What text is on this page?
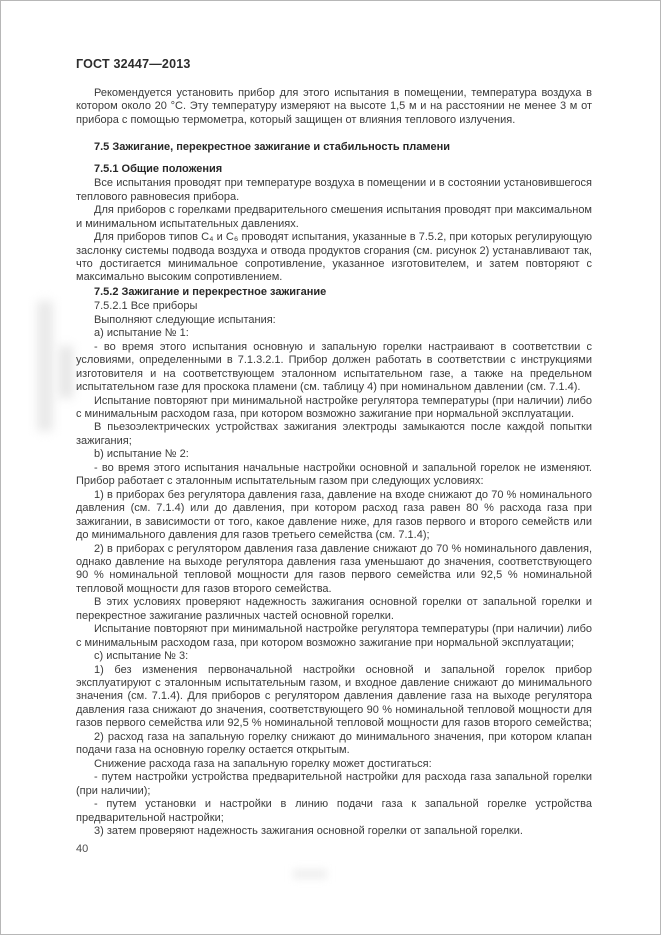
ГОСТ 32447—2013

Рекомендуется установить прибор для этого испытания в помещении, температура воздуха в котором около 20 °С. Эту температуру измеряют на высоте 1,5 м и на расстоянии не менее 3 м от прибора с помощью термометра, который защищен от влияния теплового излучения.

7.5 Зажигание, перекрестное зажигание и стабильность пламени

7.5.1 Общие положения

Все испытания проводят при температуре воздуха в помещении и в состоянии установившегося теплового равновесия прибора.

Для приборов с горелками предварительного смешения испытания проводят при максимальном и минимальном испытательных давлениях.

Для приборов типов С₄ и С₆ проводят испытания, указанные в 7.5.2, при которых регулирующую заслонку системы подвода воздуха и отвода продуктов сгорания (см. рисунок 2) устанавливают так, что достигается минимальное сопротивление, указанное изготовителем, и затем повторяют с максимально высоким сопротивлением.

7.5.2 Зажигание и перекрестное зажигание

7.5.2.1 Все приборы

Выполняют следующие испытания:

а) испытание № 1:

- во время этого испытания основную и запальную горелки настраивают в соответствии с условиями, определенными в 7.1.3.2.1. Прибор должен работать в соответствии с инструкциями изготовителя и на соответствующем эталонном испытательном газе, а также на предельном испытательном газе для проскока пламени (см. таблицу 4) при номинальном давлении (см. 7.1.4).

Испытание повторяют при минимальной настройке регулятора температуры (при наличии) либо с минимальным расходом газа, при котором возможно зажигание при нормальной эксплуатации.

В пьезоэлектрических устройствах зажигания электроды замыкаются после каждой попытки зажигания;

b) испытание № 2:

- во время этого испытания начальные настройки основной и запальной горелок не изменяют. Прибор работает с эталонным испытательным газом при следующих условиях:

1) в приборах без регулятора давления газа, давление на входе снижают до 70 % номинального давления (см. 7.1.4) или до давления, при котором расход газа равен 80 % расхода газа при зажигании, в зависимости от того, какое давление ниже, для газов первого и второго семейств или до минимального давления для газов третьего семейства (см. 7.1.4);

2) в приборах с регулятором давления газа давление снижают до 70 % номинального давления, однако давление на выходе регулятора давления газа уменьшают до значения, соответствующего 90 % номинальной тепловой мощности для газов первого семейства или 92,5 % номинальной тепловой мощности для газов второго семейства.

В этих условиях проверяют надежность зажигания основной горелки от запальной горелки и перекрестное зажигание различных частей основной горелки.

Испытание повторяют при минимальной настройке регулятора температуры (при наличии) либо с минимальным расходом газа, при котором возможно зажигание при нормальной эксплуатации;

с) испытание № 3:

1) без изменения первоначальной настройки основной и запальной горелок прибор эксплуатируют с эталонным испытательным газом, и входное давление снижают до минимального значения (см. 7.1.4). Для приборов с регулятором давления давление газа на выходе регулятора давления газа снижают до значения, соответствующего 90 % номинальной тепловой мощности для газов первого семейства или 92,5 % номинальной тепловой мощности для газов второго семейства;

2) расход газа на запальную горелку снижают до минимального значения, при котором клапан подачи газа на основную горелку остается открытым.

Снижение расхода газа на запальную горелку может достигаться:

- путем настройки устройства предварительной настройки для расхода газа запальной горелки (при наличии);

- путем установки и настройки в линию подачи газа к запальной горелке устройства предварительной настройки;

3) затем проверяют надежность зажигания основной горелки от запальной горелки.

40
